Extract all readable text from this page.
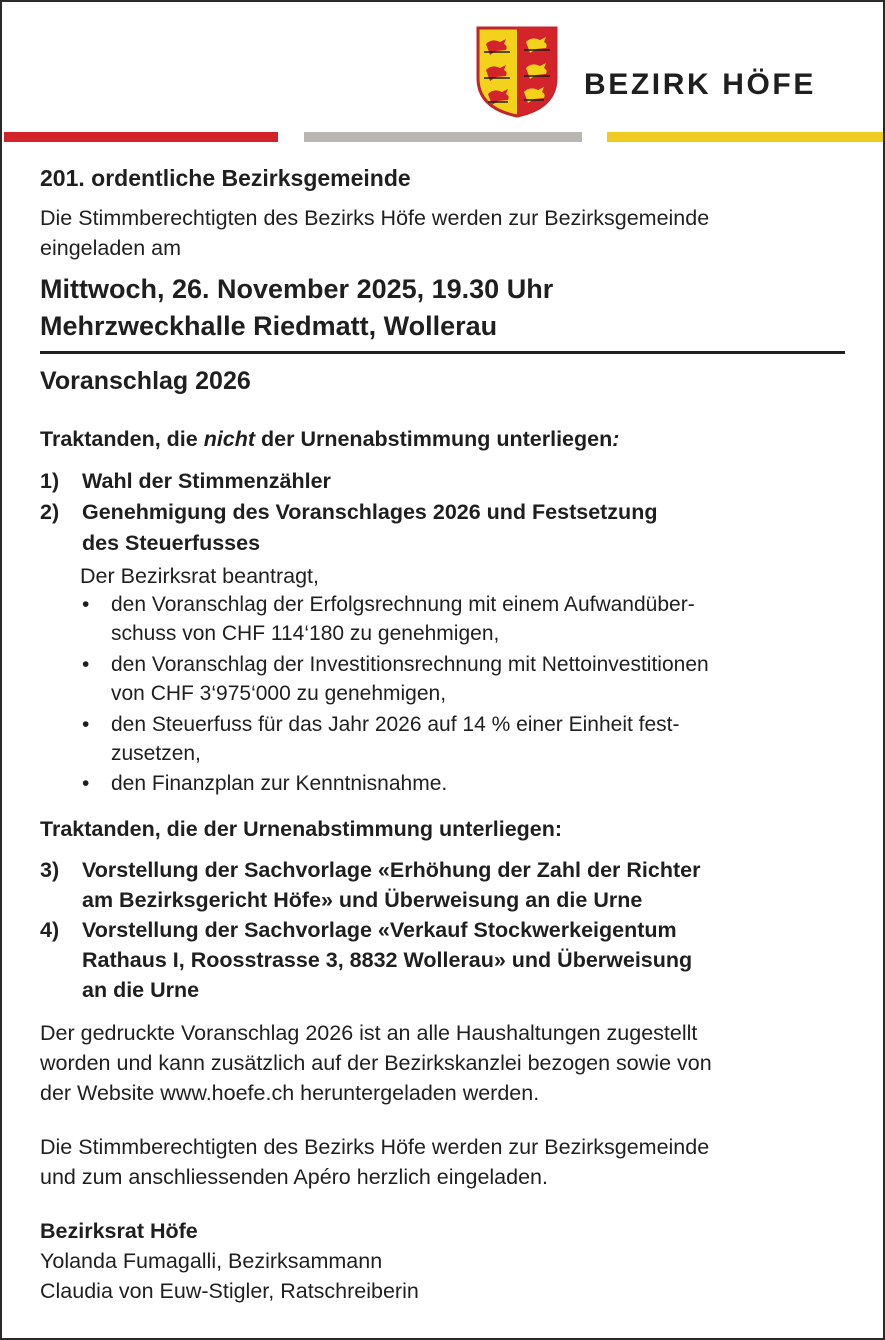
BEZIRK HÖFE
201. ordentliche Bezirksgemeinde
Die Stimmberechtigten des Bezirks Höfe werden zur Bezirksgemeinde
eingeladen am
Mittwoch, 26. November 2025, 19.30 Uhr
Mehrzweckhalle Riedmatt, Wollerau
Voranschlag 2026
Traktanden, die nicht der Urnenabstimmung unterliegen:
1) Wahl der Stimmenzähler
2) Genehmigung des Voranschlages 2026 und Festsetzung
des Steuerfusses
Der Bezirksrat beantragt,
• den Voranschlag der Erfolgsrechnung mit einem Aufwandüber-
schuss von CHF 114‘180 zu genehmigen,
• den Voranschlag der Investitionsrechnung mit Nettoinvestitionen
von CHF 3‘975‘000 zu genehmigen,
• den Steuerfuss für das Jahr 2026 auf 14 % einer Einheit fest-
zusetzen,
• den Finanzplan zur Kenntnisnahme.
Traktanden, die der Urnenabstimmung unterliegen:
3) Vorstellung der Sachvorlage «Erhöhung der Zahl der Richter
am Bezirksgericht Höfe» und Überweisung an die Urne
4) Vorstellung der Sachvorlage «Verkauf Stockwerkeigentum
Rathaus I, Roosstrasse 3, 8832 Wollerau» und Überweisung
an die Urne
Der gedruckte Voranschlag 2026 ist an alle Haushaltungen zugestellt
worden und kann zusätzlich auf der Bezirkskanzlei bezogen sowie von
der Website www.hoefe.ch heruntergeladen werden.
Die Stimmberechtigten des Bezirks Höfe werden zur Bezirksgemeinde
und zum anschliessenden Apéro herzlich eingeladen.
Bezirksrat Höfe
Yolanda Fumagalli, Bezirksammann
Claudia von Euw-Stigler, Ratschreiberin
